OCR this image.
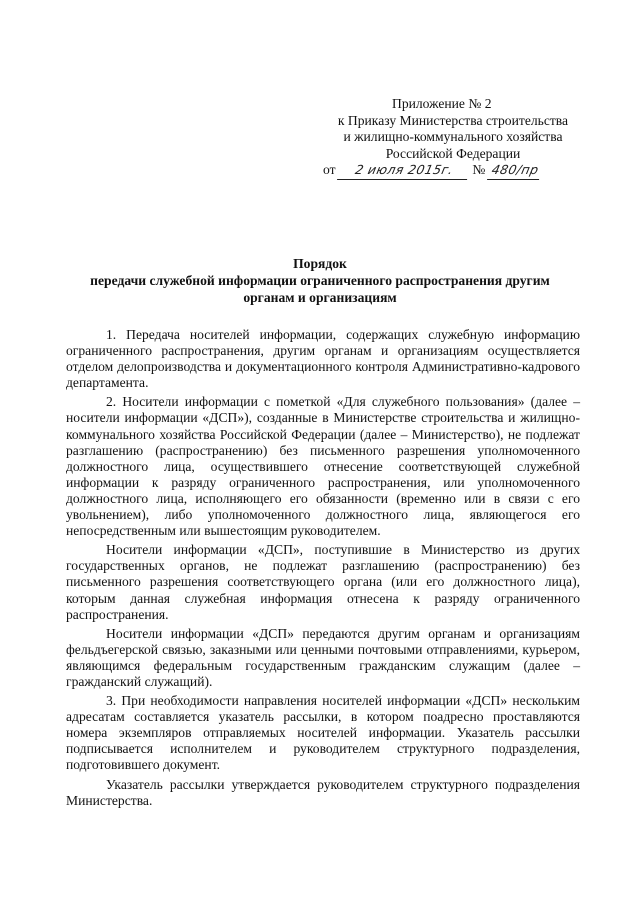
Приложение № 2
к Приказу Министерства строительства
и жилищно-коммунального хозяйства
Российской Федерации
от 2 июля 2015г. № 480/пр
Порядок
передачи служебной информации ограниченного распространения другим
органам и организациям

1. Передача носителей информации, содержащих служебную информацию ограниченного распространения, другим органам и организациям осуществляется отделом делопроизводства и документационного контроля Административно-кадрового департамента.

2. Носители информации с пометкой «Для служебного пользования» (далее – носители информации «ДСП»), созданные в Министерстве строительства и жилищно-коммунального хозяйства Российской Федерации (далее – Министерство), не подлежат разглашению (распространению) без письменного разрешения уполномоченного должностного лица, осуществившего отнесение соответствующей служебной информации к разряду ограниченного распространения, или уполномоченного должностного лица, исполняющего его обязанности (временно или в связи с его увольнением), либо уполномоченного должностного лица, являющегося его непосредственным или вышестоящим руководителем.

Носители информации «ДСП», поступившие в Министерство из других государственных органов, не подлежат разглашению (распространению) без письменного разрешения соответствующего органа (или его должностного лица), которым данная служебная информация отнесена к разряду ограниченного распространения.

Носители информации «ДСП» передаются другим органам и организациям фельдъегерской связью, заказными или ценными почтовыми отправлениями, курьером, являющимся федеральным государственным гражданским служащим (далее – гражданский служащий).

3. При необходимости направления носителей информации «ДСП» нескольким адресатам составляется указатель рассылки, в котором поадресно проставляются номера экземпляров отправляемых носителей информации. Указатель рассылки подписывается исполнителем и руководителем структурного подразделения, подготовившего документ.

Указатель рассылки утверждается руководителем структурного подразделения Министерства.
